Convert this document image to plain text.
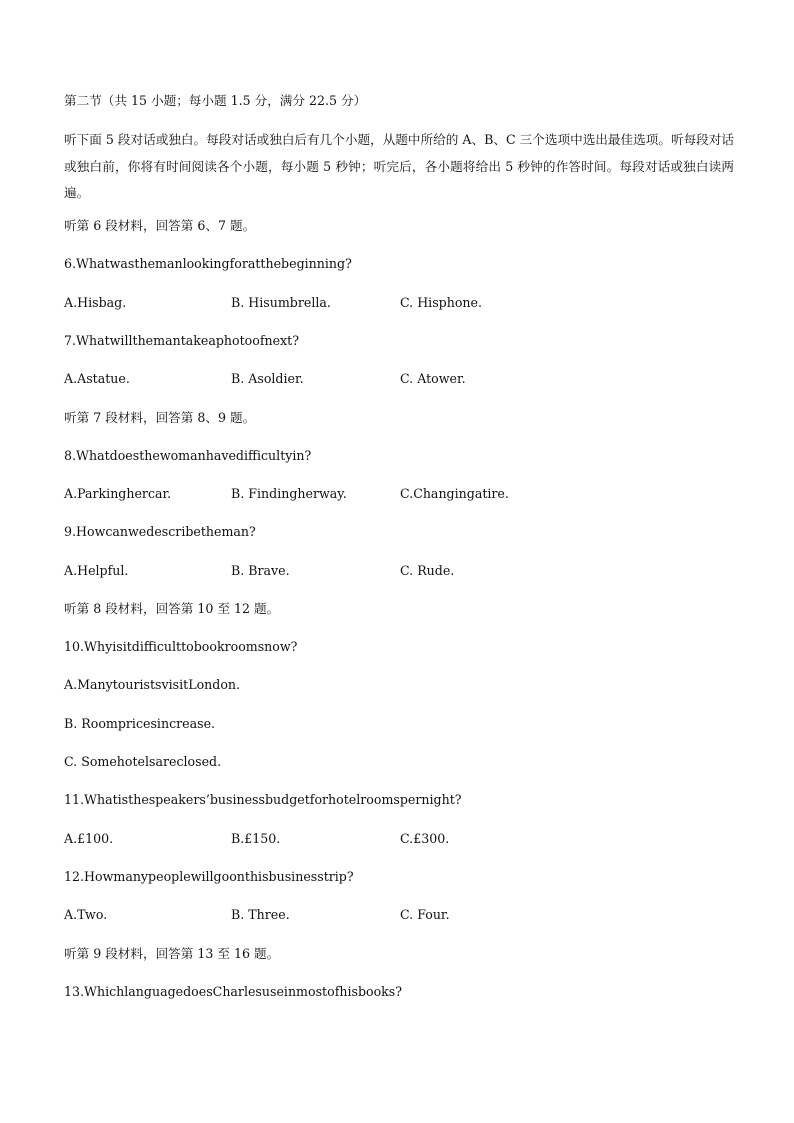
第二节（共 15 小题；每小题 1.5 分，满分 22.5 分）
听下面 5 段对话或独白。每段对话或独白后有几个小题，从题中所给的 A、B、C 三个选项中选出最佳选项。听每段对话或独白前，你将有时间阅读各个小题，每小题 5 秒钟；听完后，各小题将给出 5 秒钟的作答时间。每段对话或独白读两遍。
听第 6 段材料，回答第 6、7 题。
6.Whatwasthemanlookingforatthebeginning?
A.Hisbag.	B. Hisumbrella.	C. Hisphone.
7.Whatwillthemantakeaphotoofnext?
A.Astatue.	B. Asoldier.	C. Atower.
听第 7 段材料，回答第 8、9 题。
8.Whatdoesthewomanhavedifficultyin?
A.Parkinghercar.	B. Findingherway.	C.Changingatire.
9.Howcanwedescribetheman?
A.Helpful.	B. Brave.	C. Rude.
听第 8 段材料，回答第 10 至 12 题。
10.Whyisitdifficulttobookroomsnow?
A.ManytouristsvisitLondon.
B. Roompricesincrease.
C. Somehotelsareclosed.
11.Whatisthespeakers’businessbudgetforhotelroomspernight?
A.£100.	B.£150.	C.£300.
12.Howmanypeoplewillgoonthisbusinesstrip?
A.Two.	B. Three.	C. Four.
听第 9 段材料，回答第 13 至 16 题。
13.WhichlanguagedoesCharlesuseinmostofhisbooks?
